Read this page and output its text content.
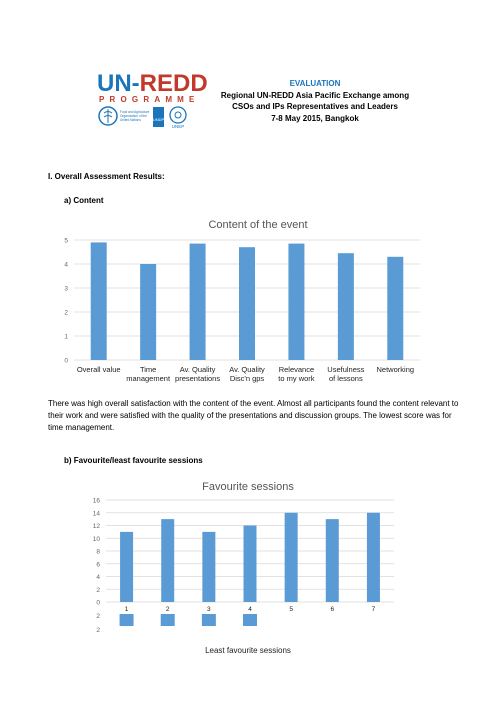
UN-REDD
PROGRAMME
Food and Agriculture
Organization of the
United Nations	UNDP
UNEP
EVALUATION
Regional UN-REDD Asia Pacific Exchange among
CSOs and IPs Representatives and Leaders
7-8 May 2015, Bangkok
I. Overall Assessment Results:
a) Content
Content of the event
0
1
2
3
4
5
Overall value	Time
management
Av. Quality
presentations
Av. Quality
Disc'n gps
Relevance
to my work
Usefulness
of lessons
Networking
There was high overall satisfaction with the content of the event. Almost all participants found the content relevant to their work and were satisfied with the quality of the presentations and discussion groups. The lowest score was for time management.
b) Favourite/least favourite sessions
Favourite sessions
0
2
4
6
8
10
12
14
16
1	2	3	4	5	6	7
2
2
Least favourite sessions
